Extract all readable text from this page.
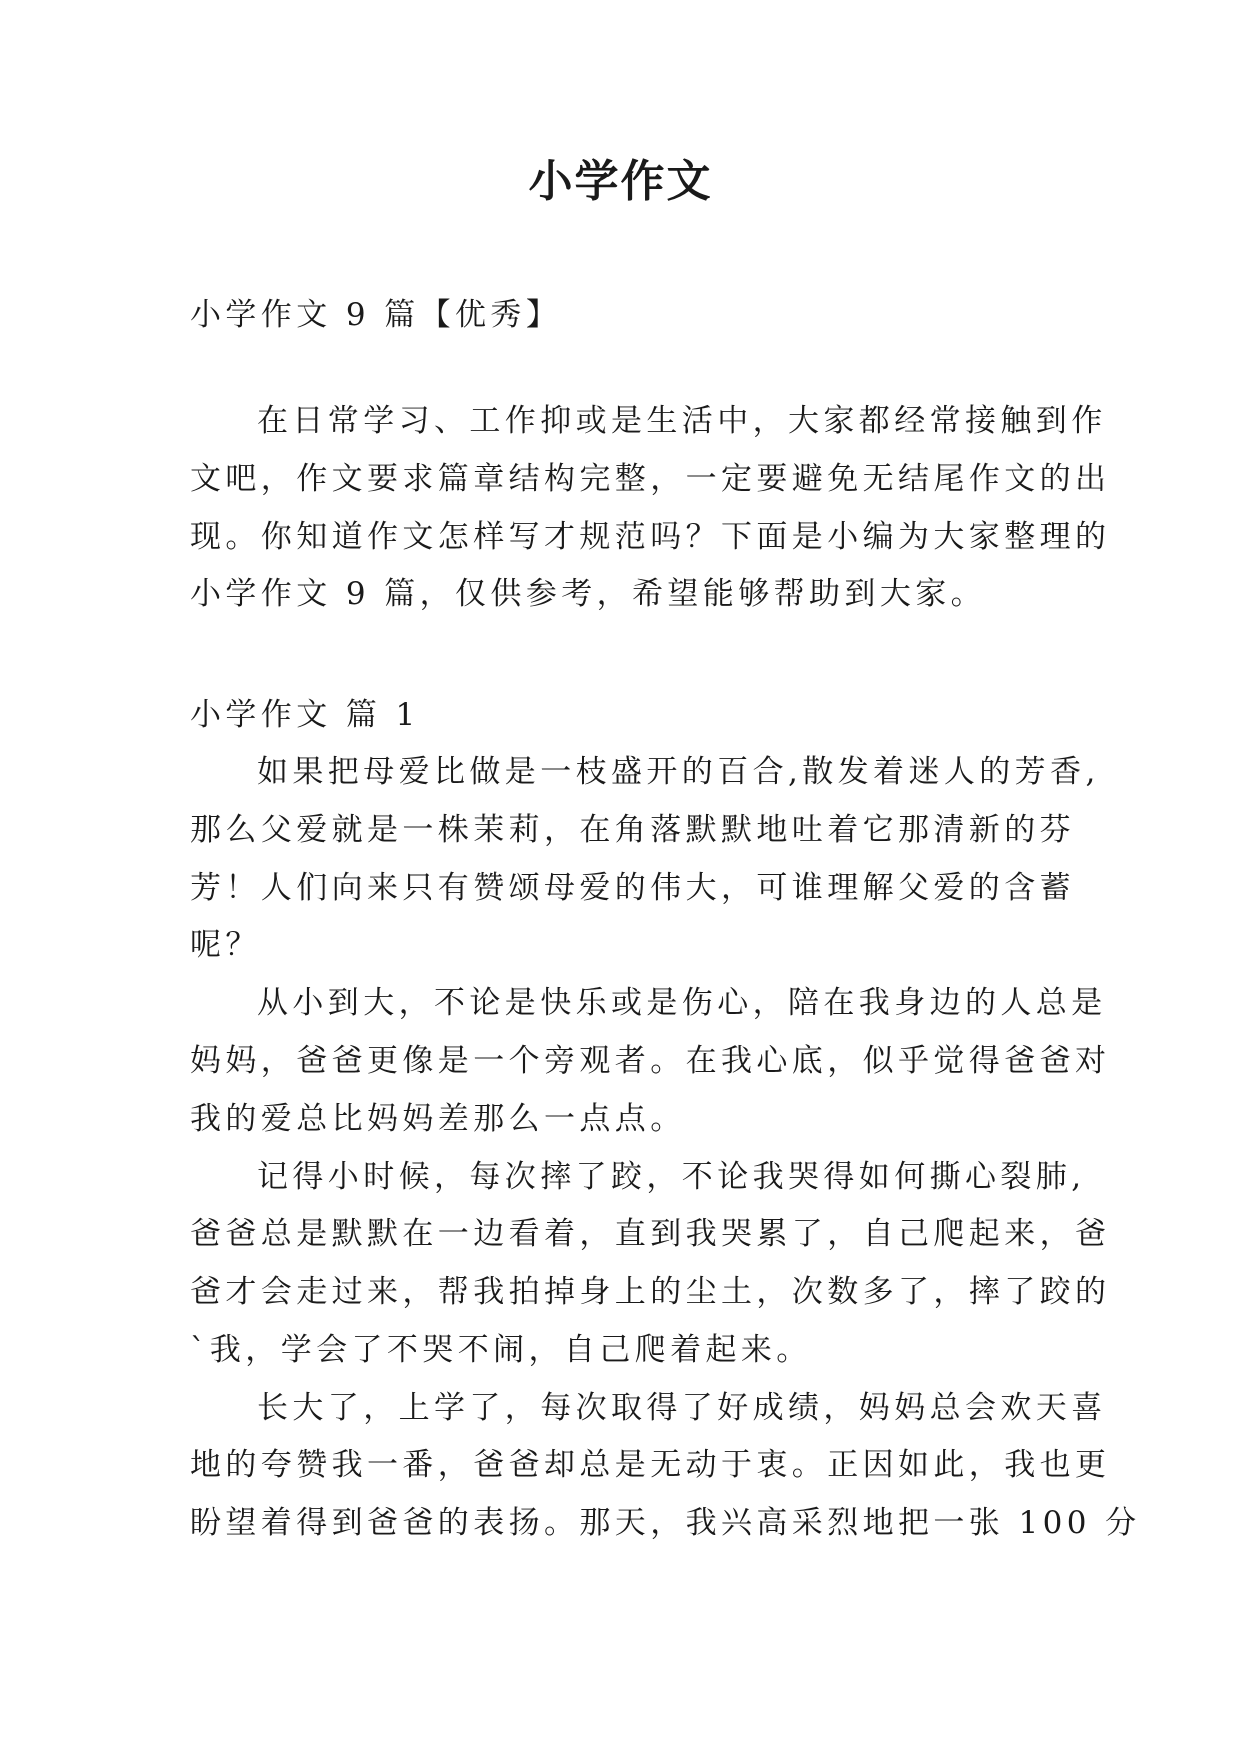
小学作文
小学作文 9 篇【优秀】
在日常学习、工作抑或是生活中，大家都经常接触到作
文吧，作文要求篇章结构完整，一定要避免无结尾作文的出
现。你知道作文怎样写才规范吗？下面是小编为大家整理的
小学作文 9 篇，仅供参考，希望能够帮助到大家。
小学作文 篇 1
如果把母爱比做是一枝盛开的百合,散发着迷人的芳香,
那么父爱就是一株茉莉，在角落默默地吐着它那清新的芬
芳！人们向来只有赞颂母爱的伟大，可谁理解父爱的含蓄
呢？
从小到大，不论是快乐或是伤心，陪在我身边的人总是
妈妈，爸爸更像是一个旁观者。在我心底，似乎觉得爸爸对
我的爱总比妈妈差那么一点点。
记得小时候，每次摔了跤，不论我哭得如何撕心裂肺,
爸爸总是默默在一边看着，直到我哭累了，自己爬起来，爸
爸才会走过来，帮我拍掉身上的尘土，次数多了，摔了跤的
`我，学会了不哭不闹，自己爬着起来。
长大了，上学了，每次取得了好成绩，妈妈总会欢天喜
地的夸赞我一番，爸爸却总是无动于衷。正因如此，我也更
盼望着得到爸爸的表扬。那天，我兴高采烈地把一张 100 分
